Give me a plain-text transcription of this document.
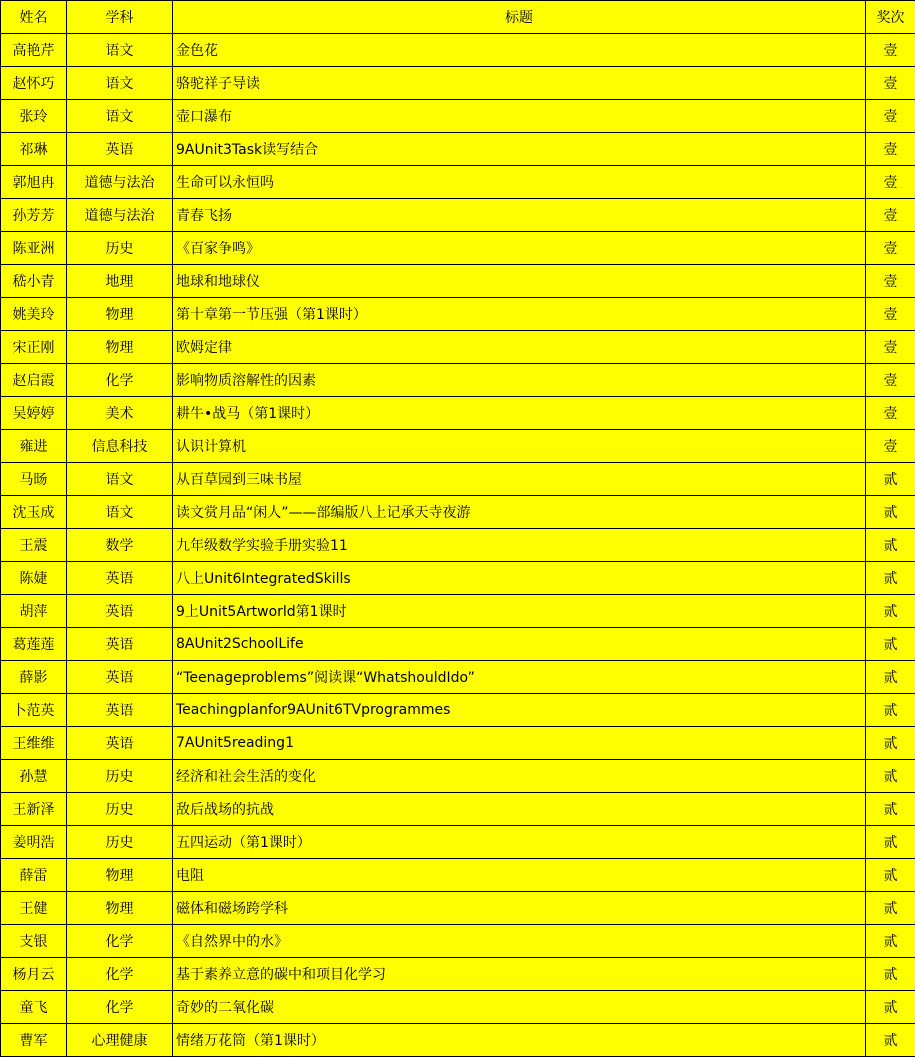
姓名	学科	标题	奖次
高艳芹	语文	金色花	壹
赵怀巧	语文	骆驼祥子导读	壹
张玲	语文	壶口瀑布	壹
祁琳	英语	9AUnit3Task读写结合	壹
郭旭冉	道德与法治	生命可以永恒吗	壹
孙芳芳	道德与法治	青春飞扬	壹
陈亚洲	历史	《百家争鸣》	壹
嵇小青	地理	地球和地球仪	壹
姚美玲	物理	第十章第一节压强（第1课时）	壹
宋正刚	物理	欧姆定律	壹
赵启霞	化学	影响物质溶解性的因素	壹
吴婷婷	美术	耕牛•战马（第1课时）	壹
雍进	信息科技	认识计算机	壹
马旸	语文	从百草园到三味书屋	贰
沈玉成	语文	读文赏月品“闲人”——部编版八上记承天寺夜游	贰
王震	数学	九年级数学实验手册实验11	贰
陈婕	英语	八上Unit6IntegratedSkills	贰
胡萍	英语	9上Unit5Artworld第1课时	贰
葛莲莲	英语	8AUnit2SchoolLife	贰
薛影	英语	“Teenageproblems”阅读课“WhatshouldIdo”	贰
卜范英	英语	Teachingplanfor9AUnit6TVprogrammes	贰
王维维	英语	7AUnit5reading1	贰
孙慧	历史	经济和社会生活的变化	贰
王新泽	历史	敌后战场的抗战	贰
姜明浩	历史	五四运动（第1课时）	贰
薛雷	物理	电阻	贰
王健	物理	磁体和磁场跨学科	贰
支银	化学	《自然界中的水》	贰
杨月云	化学	基于素养立意的碳中和项目化学习	贰
童飞	化学	奇妙的二氧化碳	贰
曹军	心理健康	情绪万花筒（第1课时）	贰
